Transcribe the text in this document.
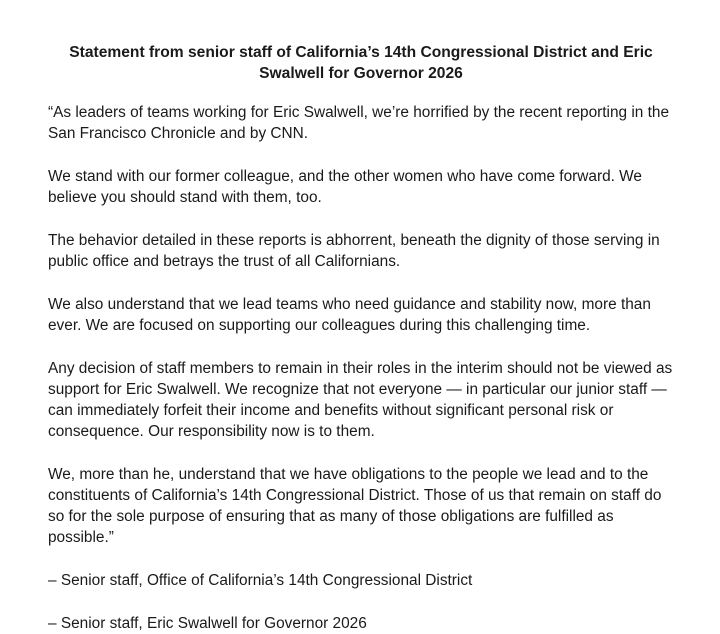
Statement from senior staff of California’s 14th Congressional District and Eric Swalwell for Governor 2026
“As leaders of teams working for Eric Swalwell, we’re horrified by the recent reporting in the San Francisco Chronicle and by CNN.
We stand with our former colleague, and the other women who have come forward. We believe you should stand with them, too.
The behavior detailed in these reports is abhorrent, beneath the dignity of those serving in public office and betrays the trust of all Californians.
We also understand that we lead teams who need guidance and stability now, more than ever. We are focused on supporting our colleagues during this challenging time.
Any decision of staff members to remain in their roles in the interim should not be viewed as support for Eric Swalwell. We recognize that not everyone — in particular our junior staff — can immediately forfeit their income and benefits without significant personal risk or consequence. Our responsibility now is to them.
We, more than he, understand that we have obligations to the people we lead and to the constituents of California’s 14th Congressional District. Those of us that remain on staff do so for the sole purpose of ensuring that as many of those obligations are fulfilled as possible.”
– Senior staff, Office of California’s 14th Congressional District
– Senior staff, Eric Swalwell for Governor 2026
